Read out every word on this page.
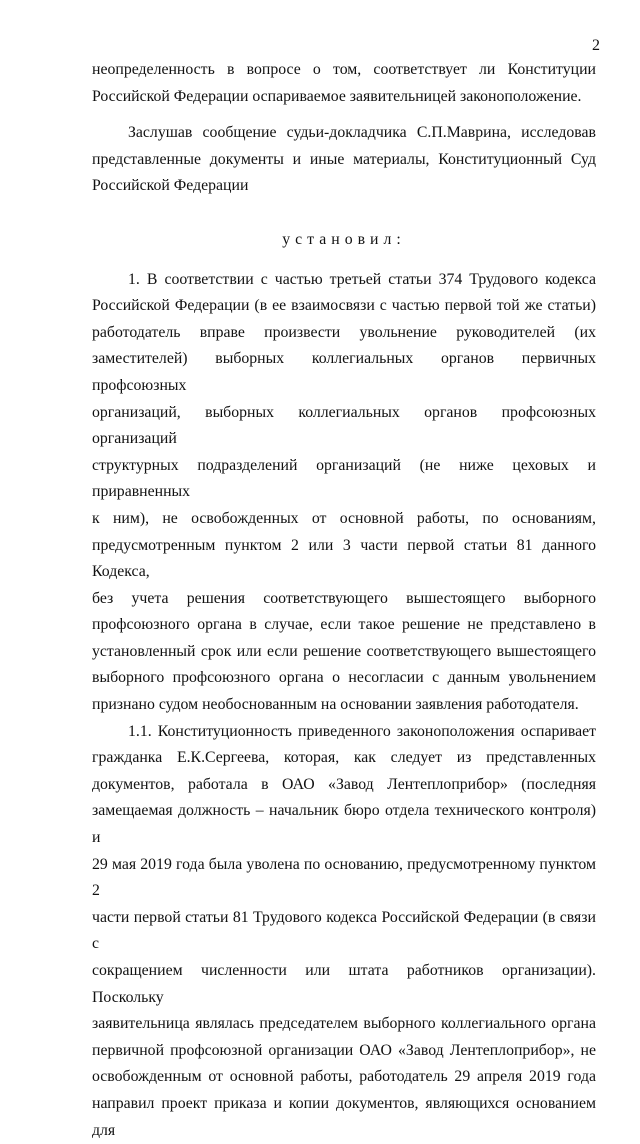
2
неопределенность в вопросе о том, соответствует ли Конституции
Российской Федерации оспариваемое заявительницей законоположение.
Заслушав сообщение судьи-докладчика С.П.Маврина, исследовав
представленные документы и иные материалы, Конституционный Суд
Российской Федерации
установил:
1. В соответствии с частью третьей статьи 374 Трудового кодекса
Российской Федерации (в ее взаимосвязи с частью первой той же статьи)
работодатель вправе произвести увольнение руководителей (их
заместителей) выборных коллегиальных органов первичных профсоюзных
организаций, выборных коллегиальных органов профсоюзных организаций
структурных подразделений организаций (не ниже цеховых и приравненных
к ним), не освобожденных от основной работы, по основаниям,
предусмотренным пунктом 2 или 3 части первой статьи 81 данного Кодекса,
без учета решения соответствующего вышестоящего выборного
профсоюзного органа в случае, если такое решение не представлено в
установленный срок или если решение соответствующего вышестоящего
выборного профсоюзного органа о несогласии с данным увольнением
признано судом необоснованным на основании заявления работодателя.
1.1. Конституционность приведенного законоположения оспаривает
гражданка Е.К.Сергеева, которая, как следует из представленных
документов, работала в ОАО «Завод Лентеплоприбор» (последняя
замещаемая должность – начальник бюро отдела технического контроля) и
29 мая 2019 года была уволена по основанию, предусмотренному пунктом 2
части первой статьи 81 Трудового кодекса Российской Федерации (в связи с
сокращением численности или штата работников организации). Поскольку
заявительница являлась председателем выборного коллегиального органа
первичной профсоюзной организации ОАО «Завод Лентеплоприбор», не
освобожденным от основной работы, работодатель 29 апреля 2019 года
направил проект приказа и копии документов, являющихся основанием для
